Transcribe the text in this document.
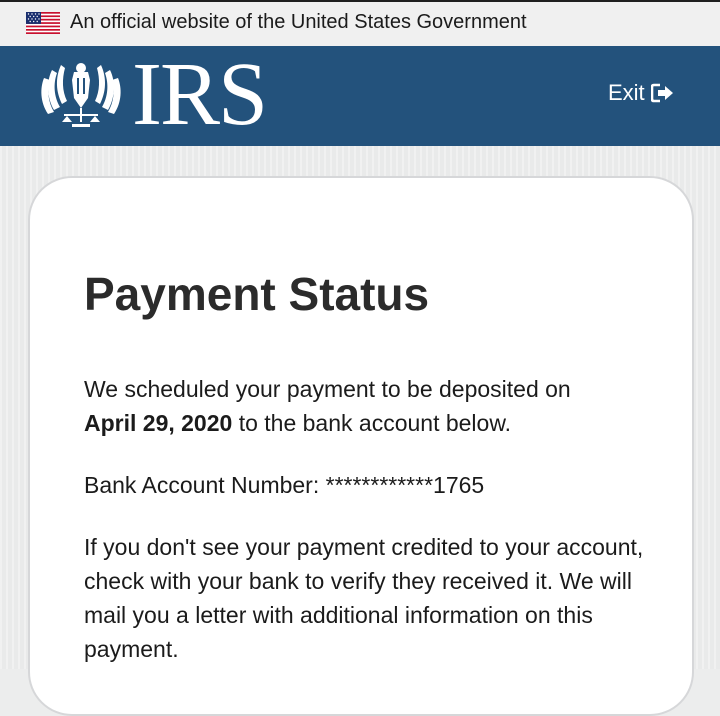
An official website of the United States Government
IRS	Exit
Payment Status

We scheduled your payment to be deposited on
April 29, 2020 to the bank account below.

Bank Account Number: ************1765

If you don't see your payment credited to your account, check with your bank to verify they received it. We will mail you a letter with additional information on this payment.
